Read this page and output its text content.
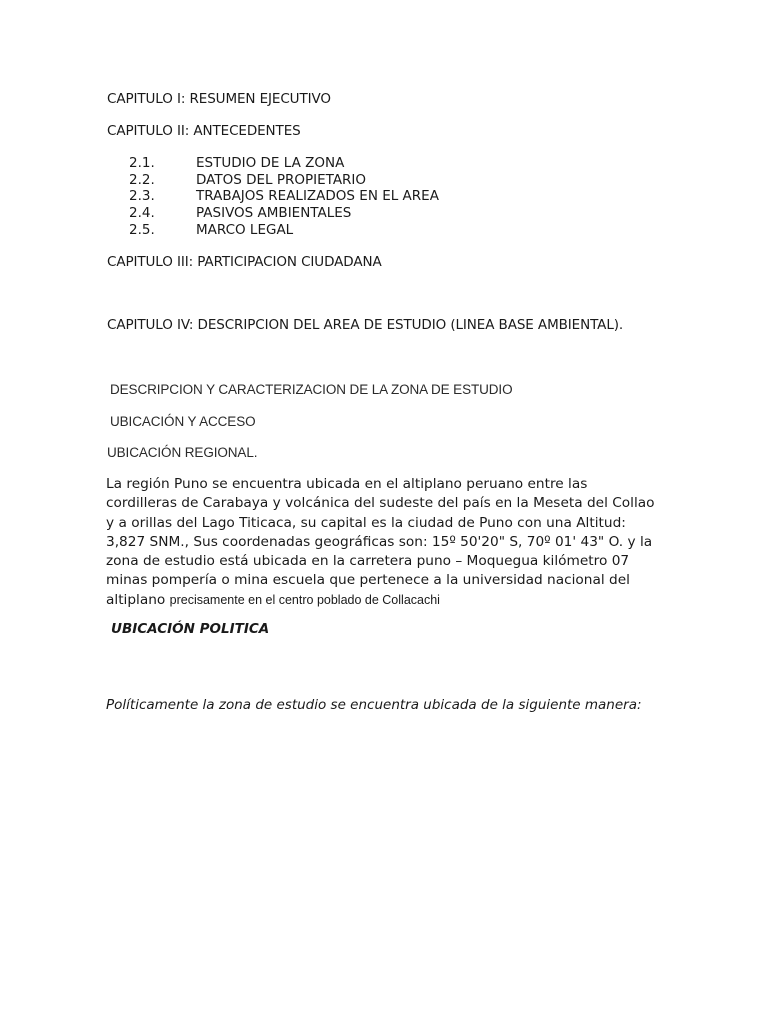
CAPITULO I: RESUMEN EJECUTIVO
CAPITULO II: ANTECEDENTES
2.1.	ESTUDIO DE LA ZONA
2.2.	DATOS DEL PROPIETARIO
2.3.	TRABAJOS REALIZADOS EN EL AREA
2.4.	PASIVOS AMBIENTALES
2.5.	MARCO LEGAL
CAPITULO III: PARTICIPACION CIUDADANA
CAPITULO IV: DESCRIPCION DEL AREA DE ESTUDIO (LINEA BASE AMBIENTAL).
DESCRIPCION Y CARACTERIZACION DE LA ZONA DE ESTUDIO
UBICACIÓN Y ACCESO
UBICACIÓN REGIONAL.
La región Puno se encuentra ubicada en el altiplano peruano entre las
cordilleras de Carabaya y volcánica del sudeste del país en la Meseta del Collao
y a orillas del Lago Titicaca, su capital es la ciudad de Puno con una Altitud:
3,827 SNM., Sus coordenadas geográficas son: 15º 50'20" S, 70º 01' 43" O. y la
zona de estudio está ubicada en la carretera puno – Moquegua kilómetro 07
minas pompería o mina escuela que pertenece a la universidad nacional del
altiplano precisamente en el centro poblado de Collacachi
UBICACIÓN POLITICA
Políticamente la zona de estudio se encuentra ubicada de la siguiente manera:
